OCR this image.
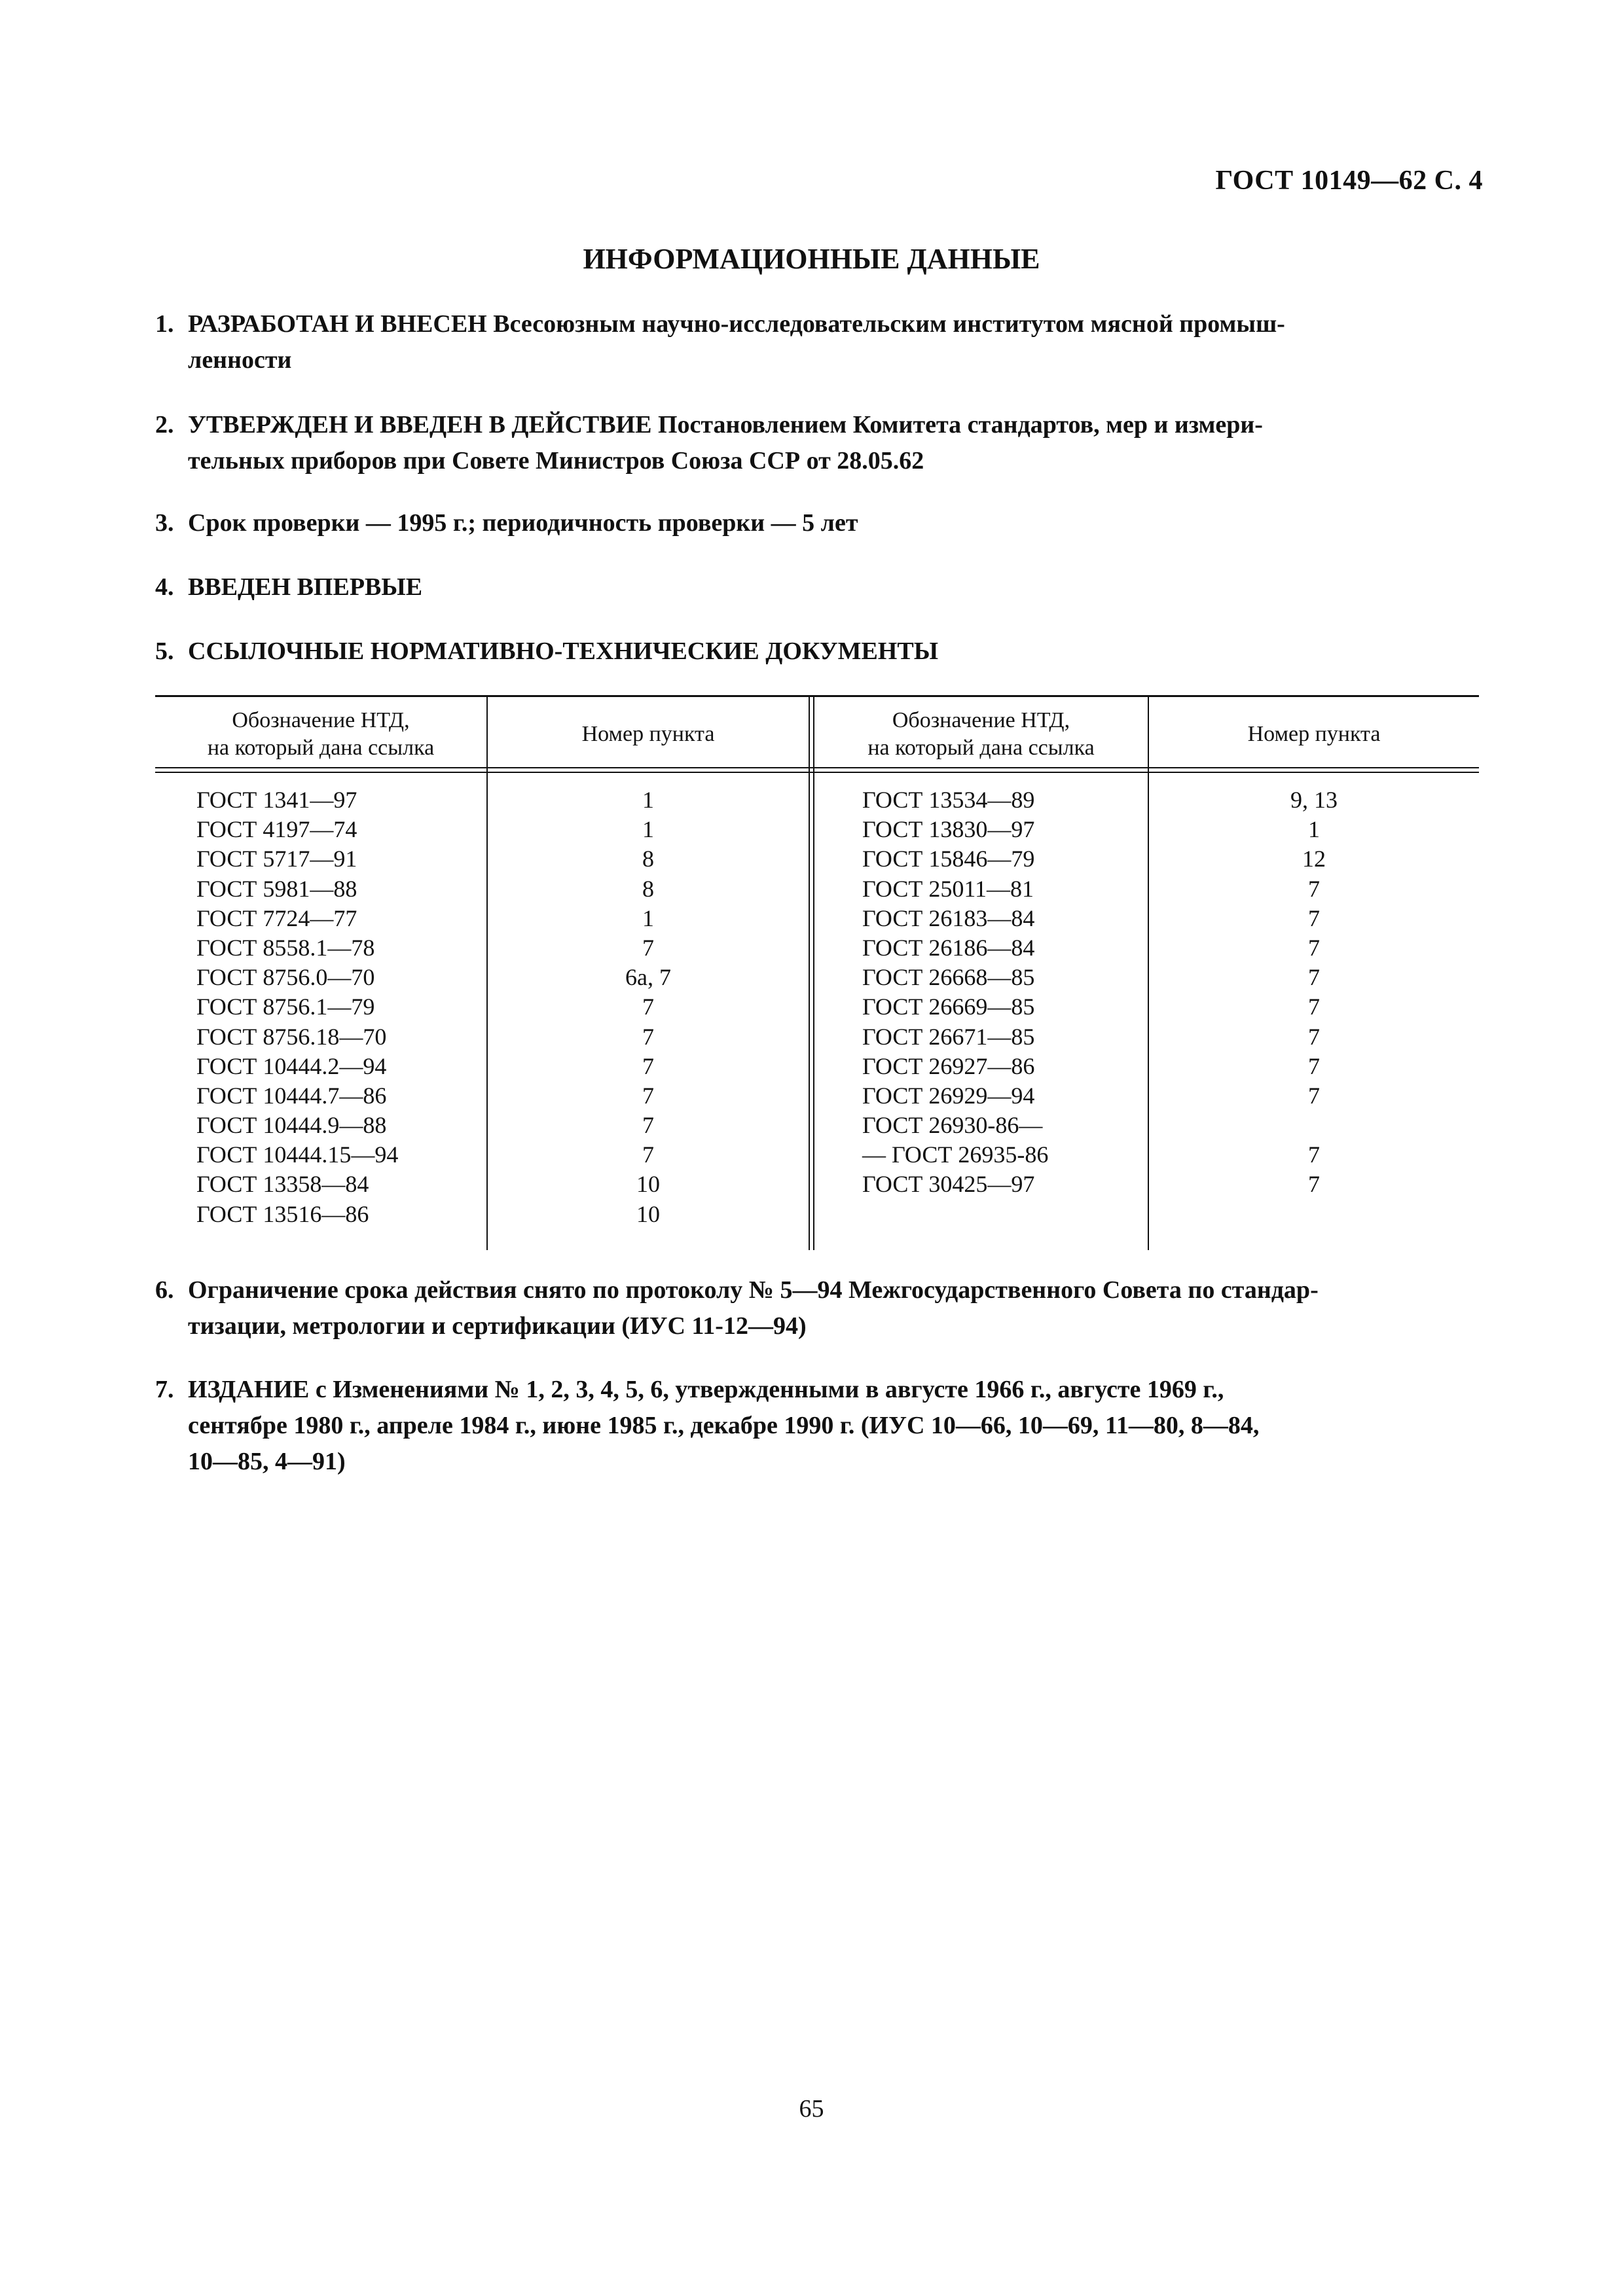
ГОСТ 10149—62 С. 4
ИНФОРМАЦИОННЫЕ ДАННЫЕ
1. РАЗРАБОТАН И ВНЕСЕН Всесоюзным научно-исследовательским институтом мясной промыш-
ленности
2. УТВЕРЖДЕН И ВВЕДЕН В ДЕЙСТВИЕ Постановлением Комитета стандартов, мер и измери-
тельных приборов при Совете Министров Союза ССР от 28.05.62
3. Срок проверки — 1995 г.; периодичность проверки — 5 лет
4. ВВЕДЕН ВПЕРВЫЕ
5. ССЫЛОЧНЫЕ НОРМАТИВНО-ТЕХНИЧЕСКИЕ ДОКУМЕНТЫ
Обозначение НТД,
на который дана ссылка
Номер пункта
Обозначение НТД,
на который дана ссылка
Номер пункта
ГОСТ 1341—97
ГОСТ 4197—74
ГОСТ 5717—91
ГОСТ 5981—88
ГОСТ 7724—77
ГОСТ 8558.1—78
ГОСТ 8756.0—70
ГОСТ 8756.1—79
ГОСТ 8756.18—70
ГОСТ 10444.2—94
ГОСТ 10444.7—86
ГОСТ 10444.9—88
ГОСТ 10444.15—94
ГОСТ 13358—84
ГОСТ 13516—86
1
1
8
8
1
7
6а, 7
7
7
7
7
7
7
10
10
ГОСТ 13534—89
ГОСТ 13830—97
ГОСТ 15846—79
ГОСТ 25011—81
ГОСТ 26183—84
ГОСТ 26186—84
ГОСТ 26668—85
ГОСТ 26669—85
ГОСТ 26671—85
ГОСТ 26927—86
ГОСТ 26929—94
ГОСТ 26930-86—
— ГОСТ 26935-86
ГОСТ 30425—97
9, 13
1
12
7
7
7
7
7
7
7
7
7
7
6. Ограничение срока действия снято по протоколу № 5—94 Межгосударственного Совета по стандар-
тизации, метрологии и сертификации (ИУС 11-12—94)
7. ИЗДАНИЕ с Изменениями № 1, 2, 3, 4, 5, 6, утвержденными в августе 1966 г., августе 1969 г.,
сентябре 1980 г., апреле 1984 г., июне 1985 г., декабре 1990 г. (ИУС 10—66, 10—69, 11—80, 8—84,
10—85, 4—91)
65
